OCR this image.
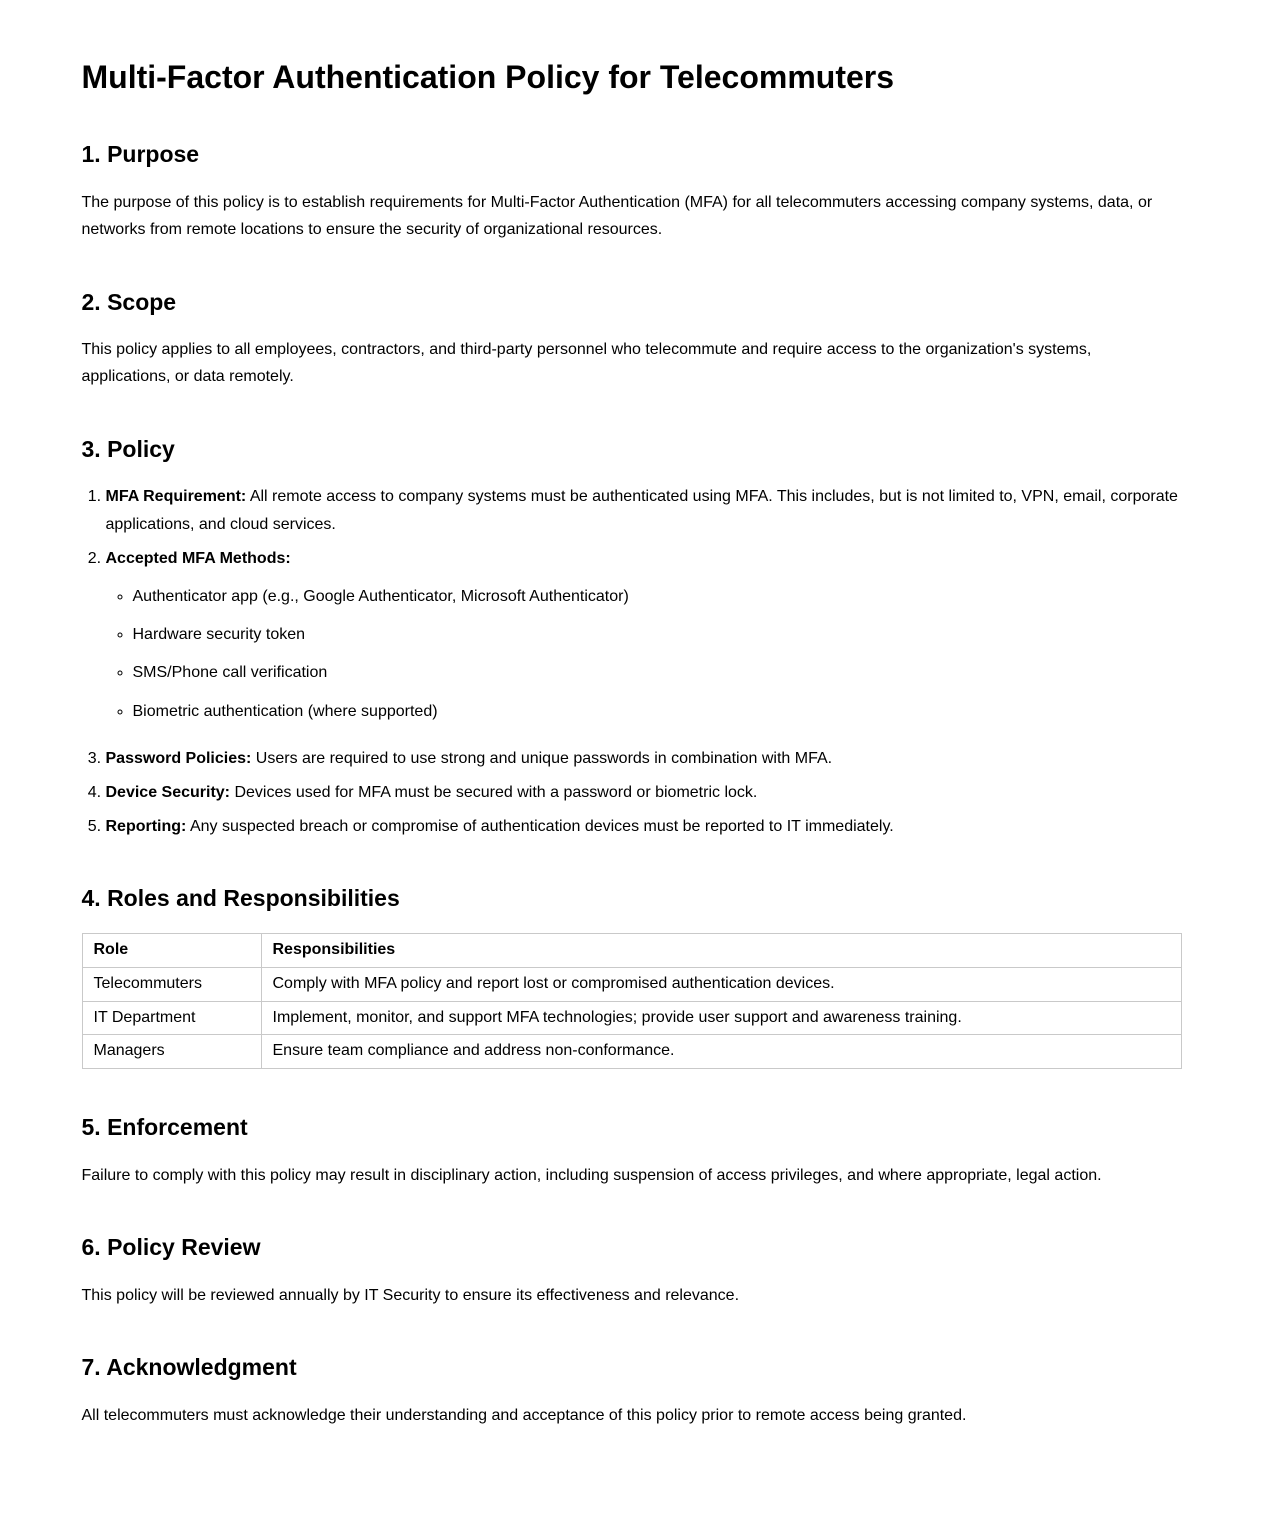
Multi-Factor Authentication Policy for Telecommuters
1. Purpose

The purpose of this policy is to establish requirements for Multi-Factor Authentication (MFA) for all telecommuters accessing company systems, data, or networks from remote locations to ensure the security of organizational resources.

2. Scope

This policy applies to all employees, contractors, and third-party personnel who telecommute and require access to the organization's systems, applications, or data remotely.

3. Policy
1. MFA Requirement: All remote access to company systems must be authenticated using MFA. This includes, but is not limited to, VPN, email, corporate applications, and cloud services.
2. Accepted MFA Methods:
◦ Authenticator app (e.g., Google Authenticator, Microsoft Authenticator)
◦ Hardware security token
◦ SMS/Phone call verification
◦ Biometric authentication (where supported)
3. Password Policies: Users are required to use strong and unique passwords in combination with MFA.
4. Device Security: Devices used for MFA must be secured with a password or biometric lock.
5. Reporting: Any suspected breach or compromise of authentication devices must be reported to IT immediately.
4. Roles and Responsibilities
Role	Responsibilities
Telecommuters	Comply with MFA policy and report lost or compromised authentication devices.
IT Department	Implement, monitor, and support MFA technologies; provide user support and awareness training.
Managers	Ensure team compliance and address non-conformance.
5. Enforcement

Failure to comply with this policy may result in disciplinary action, including suspension of access privileges, and where appropriate, legal action.

6. Policy Review

This policy will be reviewed annually by IT Security to ensure its effectiveness and relevance.

7. Acknowledgment

All telecommuters must acknowledge their understanding and acceptance of this policy prior to remote access being granted.
